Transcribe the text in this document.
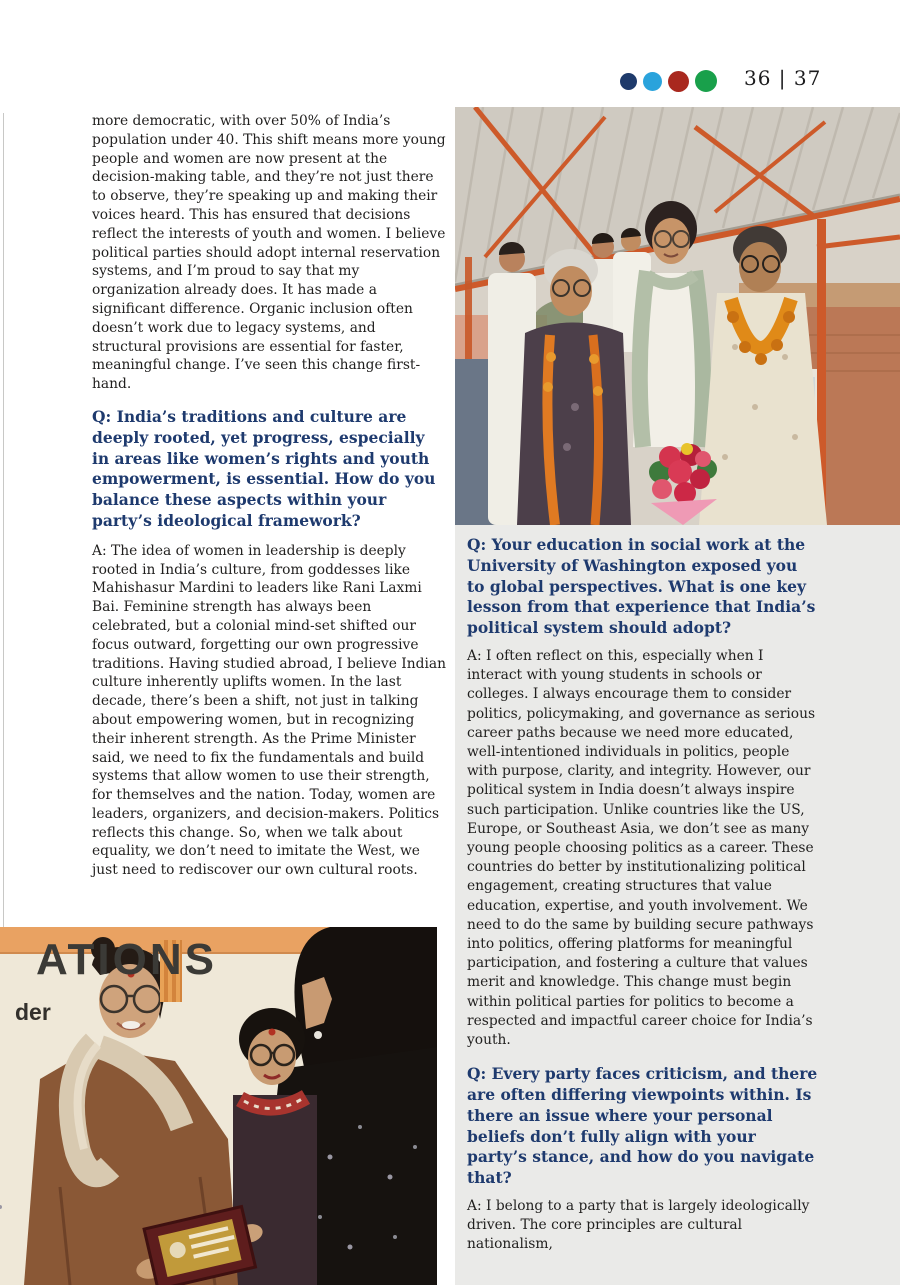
36 | 37

more democratic, with over 50% of India’s population under 40. This shift means more young people and women are now present at the decision-making table, and they’re not just there to observe, they’re speaking up and making their voices heard. This has ensured that decisions reflect the interests of youth and women. I believe political parties should adopt internal reservation systems, and I’m proud to say that my organization already does. It has made a significant difference. Organic inclusion often doesn’t work due to legacy systems, and structural provisions are essential for faster, meaningful change. I’ve seen this change first-hand.

Q: India’s traditions and culture are deeply rooted, yet progress, especially in areas like women’s rights and youth empowerment, is essential. How do you balance these aspects within your party’s ideological framework?

A: The idea of women in leadership is deeply rooted in India’s culture, from goddesses like Mahishasur Mardini to leaders like Rani Laxmi Bai. Feminine strength has always been celebrated, but a colonial mind-set shifted our focus outward, forgetting our own progressive traditions. Having studied abroad, I believe Indian culture inherently uplifts women. In the last decade, there’s been a shift, not just in talking about empowering women, but in recognizing their inherent strength. As the Prime Minister said, we need to fix the fundamentals and build systems that allow women to use their strength, for themselves and the nation. Today, women are leaders, organizers, and decision-makers. Politics reflects this change. So, when we talk about equality, we don’t need to imitate the West, we just need to rediscover our own cultural roots.

Q: Your education in social work at the University of Washington exposed you to global perspectives. What is one key lesson from that experience that India’s political system should adopt?

A: I often reflect on this, especially when I interact with young students in schools or colleges. I always encourage them to consider politics, policymaking, and governance as serious career paths because we need more educated, well-intentioned individuals in politics, people with purpose, clarity, and integrity. However, our political system in India doesn’t always inspire such participation. Unlike countries like the US, Europe, or Southeast Asia, we don’t see as many young people choosing politics as a career. These countries do better by institutionalizing political engagement, creating structures that value education, expertise, and youth involvement. We need to do the same by building secure pathways into politics, offering platforms for meaningful participation, and fostering a culture that values merit and knowledge. This change must begin within political parties for politics to become a respected and impactful career choice for India’s youth.

Q: Every party faces criticism, and there are often differing viewpoints within. Is there an issue where your personal beliefs don’t fully align with your party’s stance, and how do you navigate that?

A: I belong to a party that is largely ideologically driven. The core principles are cultural nationalism,

ATIONS
der
